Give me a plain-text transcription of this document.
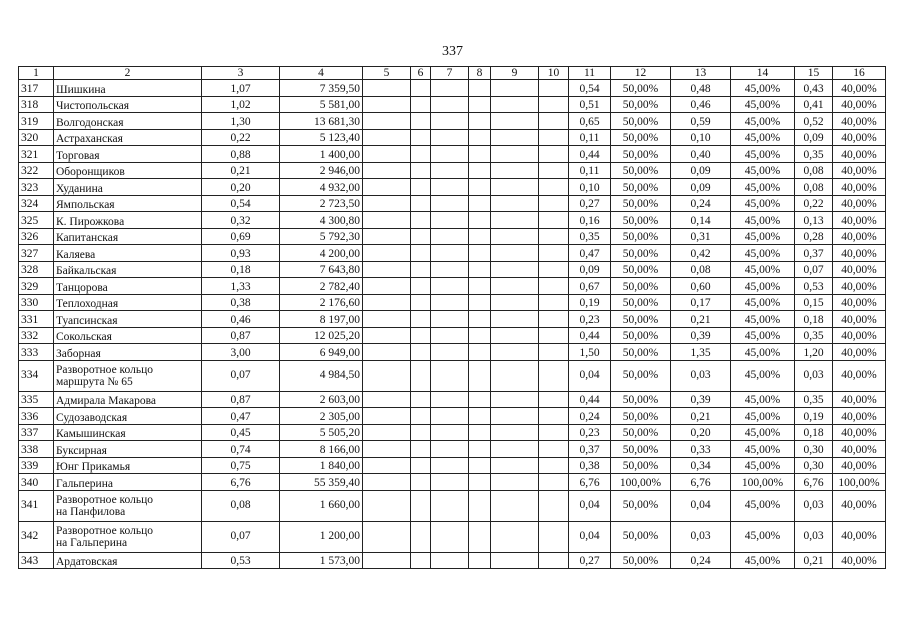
337
1	2	3	4	5	6	7	8	9	10	11	12	13	14	15	16
317	Шишкина	1,07	7 359,50							0,54	50,00%	0,48	45,00%	0,43	40,00%
318	Чистопольская	1,02	5 581,00							0,51	50,00%	0,46	45,00%	0,41	40,00%
319	Волгодонская	1,30	13 681,30							0,65	50,00%	0,59	45,00%	0,52	40,00%
320	Астраханская	0,22	5 123,40							0,11	50,00%	0,10	45,00%	0,09	40,00%
321	Торговая	0,88	1 400,00							0,44	50,00%	0,40	45,00%	0,35	40,00%
322	Оборонщиков	0,21	2 946,00							0,11	50,00%	0,09	45,00%	0,08	40,00%
323	Худанина	0,20	4 932,00							0,10	50,00%	0,09	45,00%	0,08	40,00%
324	Ямпольская	0,54	2 723,50							0,27	50,00%	0,24	45,00%	0,22	40,00%
325	К. Пирожкова	0,32	4 300,80							0,16	50,00%	0,14	45,00%	0,13	40,00%
326	Капитанская	0,69	5 792,30							0,35	50,00%	0,31	45,00%	0,28	40,00%
327	Каляева	0,93	4 200,00							0,47	50,00%	0,42	45,00%	0,37	40,00%
328	Байкальская	0,18	7 643,80							0,09	50,00%	0,08	45,00%	0,07	40,00%
329	Танцорова	1,33	2 782,40							0,67	50,00%	0,60	45,00%	0,53	40,00%
330	Теплоходная	0,38	2 176,60							0,19	50,00%	0,17	45,00%	0,15	40,00%
331	Туапсинская	0,46	8 197,00							0,23	50,00%	0,21	45,00%	0,18	40,00%
332	Сокольская	0,87	12 025,20							0,44	50,00%	0,39	45,00%	0,35	40,00%
333	Заборная	3,00	6 949,00							1,50	50,00%	1,35	45,00%	1,20	40,00%
334	Разворотное кольцо
маршрута № 65	0,07	4 984,50							0,04	50,00%	0,03	45,00%	0,03	40,00%
335	Адмирала Макарова	0,87	2 603,00							0,44	50,00%	0,39	45,00%	0,35	40,00%
336	Судозаводская	0,47	2 305,00							0,24	50,00%	0,21	45,00%	0,19	40,00%
337	Камышинская	0,45	5 505,20							0,23	50,00%	0,20	45,00%	0,18	40,00%
338	Буксирная	0,74	8 166,00							0,37	50,00%	0,33	45,00%	0,30	40,00%
339	Юнг Прикамья	0,75	1 840,00							0,38	50,00%	0,34	45,00%	0,30	40,00%
340	Гальперина	6,76	55 359,40							6,76	100,00%	6,76	100,00%	6,76	100,00%
341	Разворотное кольцо
на Панфилова	0,08	1 660,00							0,04	50,00%	0,04	45,00%	0,03	40,00%
342	Разворотное кольцо
на Гальперина	0,07	1 200,00							0,04	50,00%	0,03	45,00%	0,03	40,00%
343	Ардатовская	0,53	1 573,00							0,27	50,00%	0,24	45,00%	0,21	40,00%
